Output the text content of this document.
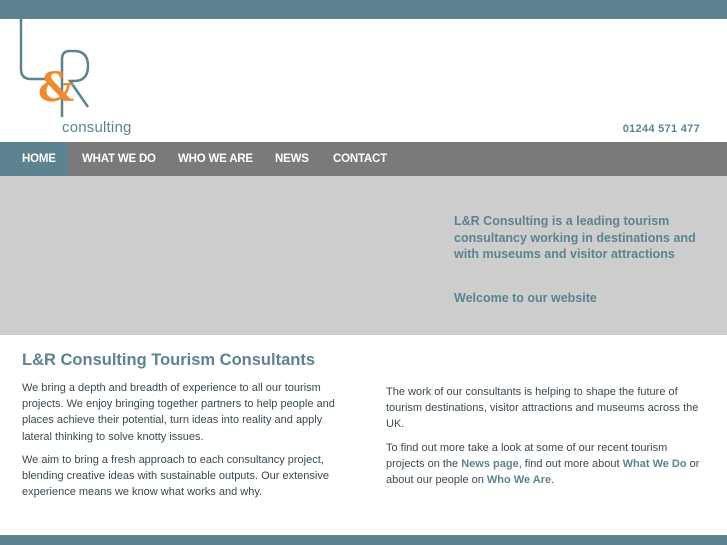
&
consulting	01244 571 477
HOME	WHAT WE DO	WHO WE ARE	NEWS	CONTACT
L&R Consulting is a leading tourism consultancy working in destinations and with museums and visitor attractions
Welcome to our website
L&R Consulting Tourism Consultants

We bring a depth and breadth of experience to all our tourism projects. We enjoy bringing together partners to help people and places achieve their potential, turn ideas into reality and apply lateral thinking to solve knotty issues.

We aim to bring a fresh approach to each consultancy project, blending creative ideas with sustainable outputs. Our extensive experience means we know what works and why.

The work of our consultants is helping to shape the future of tourism destinations, visitor attractions and museums across the UK.

To find out more take a look at some of our recent tourism projects on the News page, find out more about What We Do or about our people on Who We Are.
